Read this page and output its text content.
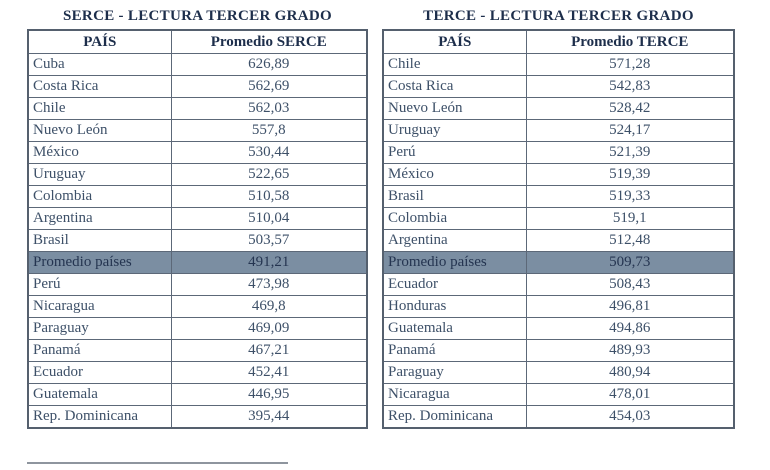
SERCE - LECTURA TERCER GRADO
PAÍS	Promedio SERCE
Cuba	626,89
Costa Rica	562,69
Chile	562,03
Nuevo León	557,8
México	530,44
Uruguay	522,65
Colombia	510,58
Argentina	510,04
Brasil	503,57
Promedio países	491,21
Perú	473,98
Nicaragua	469,8
Paraguay	469,09
Panamá	467,21
Ecuador	452,41
Guatemala	446,95
Rep. Dominicana	395,44
TERCE - LECTURA TERCER GRADO
PAÍS	Promedio TERCE
Chile	571,28
Costa Rica	542,83
Nuevo León	528,42
Uruguay	524,17
Perú	521,39
México	519,39
Brasil	519,33
Colombia	519,1
Argentina	512,48
Promedio países	509,73
Ecuador	508,43
Honduras	496,81
Guatemala	494,86
Panamá	489,93
Paraguay	480,94
Nicaragua	478,01
Rep. Dominicana	454,03
